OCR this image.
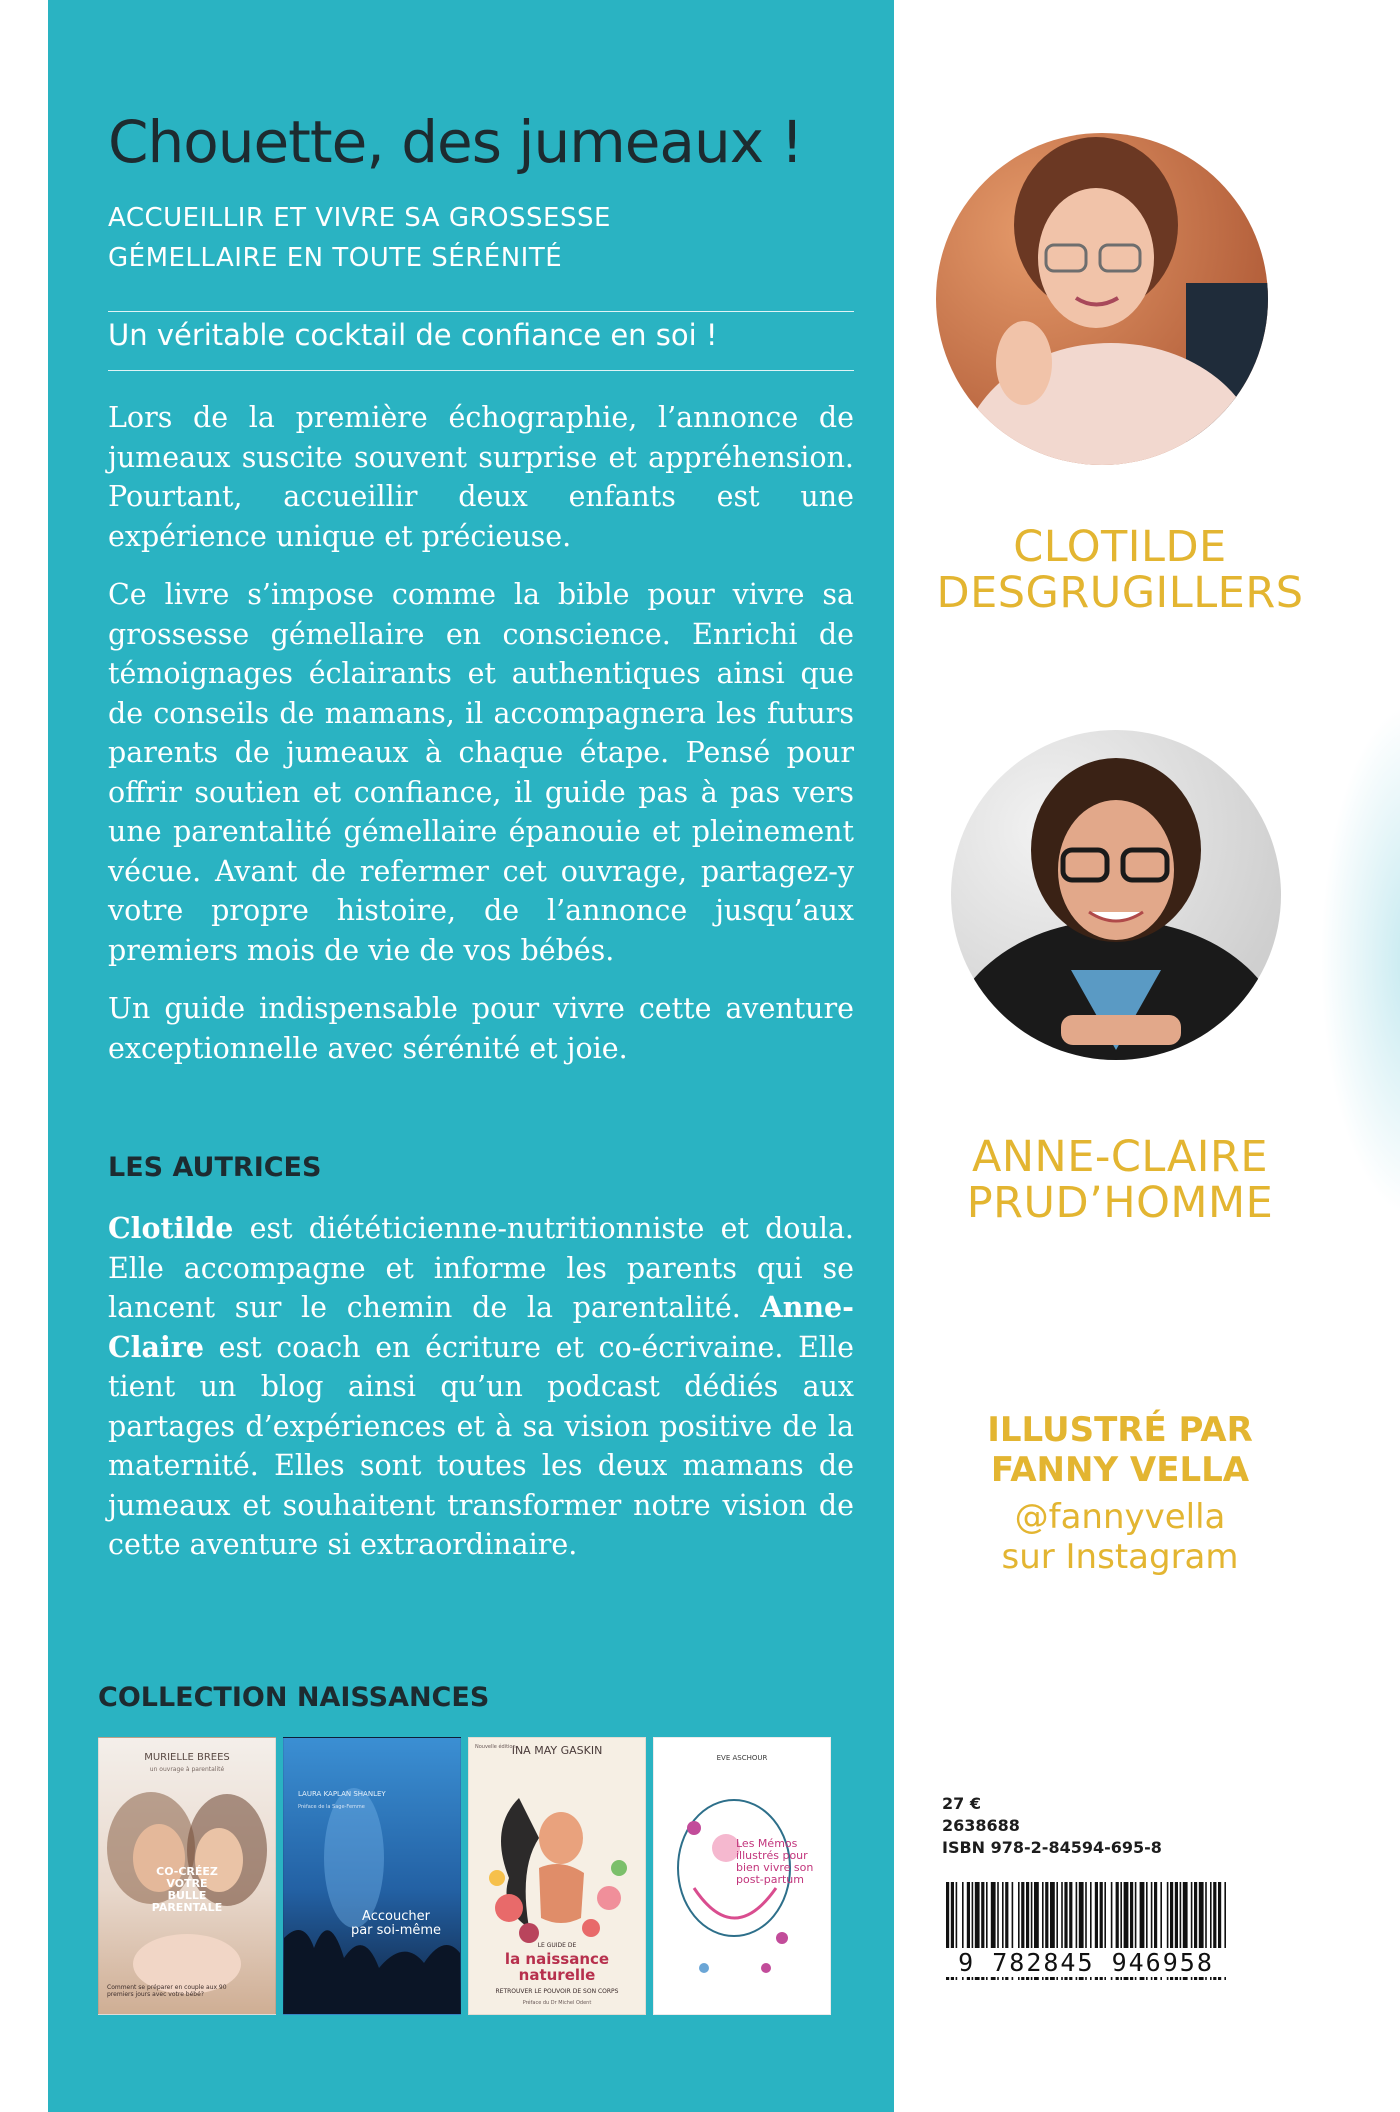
Chouette, des jumeaux !
ACCUEILLIR ET VIVRE SA GROSSESSE
GÉMELLAIRE EN TOUTE SÉRÉNITÉ
Un véritable cocktail de confiance en soi !

Lors de la première échographie, l’annonce de jumeaux suscite souvent surprise et appréhension. Pourtant, accueillir deux enfants est une expérience unique et précieuse.

Ce livre s’impose comme la bible pour vivre sa grossesse gémellaire en conscience. Enrichi de témoignages éclairants et authentiques ainsi que de conseils de mamans, il accompagnera les futurs parents de jumeaux à chaque étape. Pensé pour offrir soutien et confiance, il guide pas à pas vers une parentalité gémellaire épanouie et pleinement vécue. Avant de refermer cet ouvrage, partagez-y votre propre histoire, de l’annonce jusqu’aux premiers mois de vie de vos bébés.

Un guide indispensable pour vivre cette aventure exceptionnelle avec sérénité et joie.

LES AUTRICES

Clotilde est diététicienne-nutritionniste et doula. Elle accompagne et informe les parents qui se lancent sur le chemin de la parentalité. Anne-Claire est coach en écriture et co-écrivaine. Elle tient un blog ainsi qu’un podcast dédiés aux partages d’expériences et à sa vision positive de la maternité. Elles sont toutes les deux mamans de jumeaux et souhaitent transformer notre vision de cette aventure si extraordinaire.

COLLECTION NAISSANCES
MURIELLE BREES
un ouvrage à parentalité
CO-CRÉEZ
VOTRE
BULLE
PARENTALE
Comment se préparer en couple aux 90 premiers jours avec votre bébé?
LAURA KAPLAN SHANLEY
Préface de la Sage-Femme
Accoucher
par soi-même
INA MAY GASKIN
Nouvelle édition
LE GUIDE DE
la naissance
naturelle
RETROUVER LE POUVOIR DE SON CORPS
Préface du Dr Michel Odent
EVE ASCHOUR
Les Mémos
illustrés pour
bien vivre son
post-partum
CLOTILDE
DESGRUGILLERS
ANNE-CLAIRE
PRUD’HOMME
ILLUSTRÉ PAR
FANNY VELLA
@fannyvella
sur Instagram
27 €
2638688
ISBN 978-2-84594-695-8
9 782845 946958
